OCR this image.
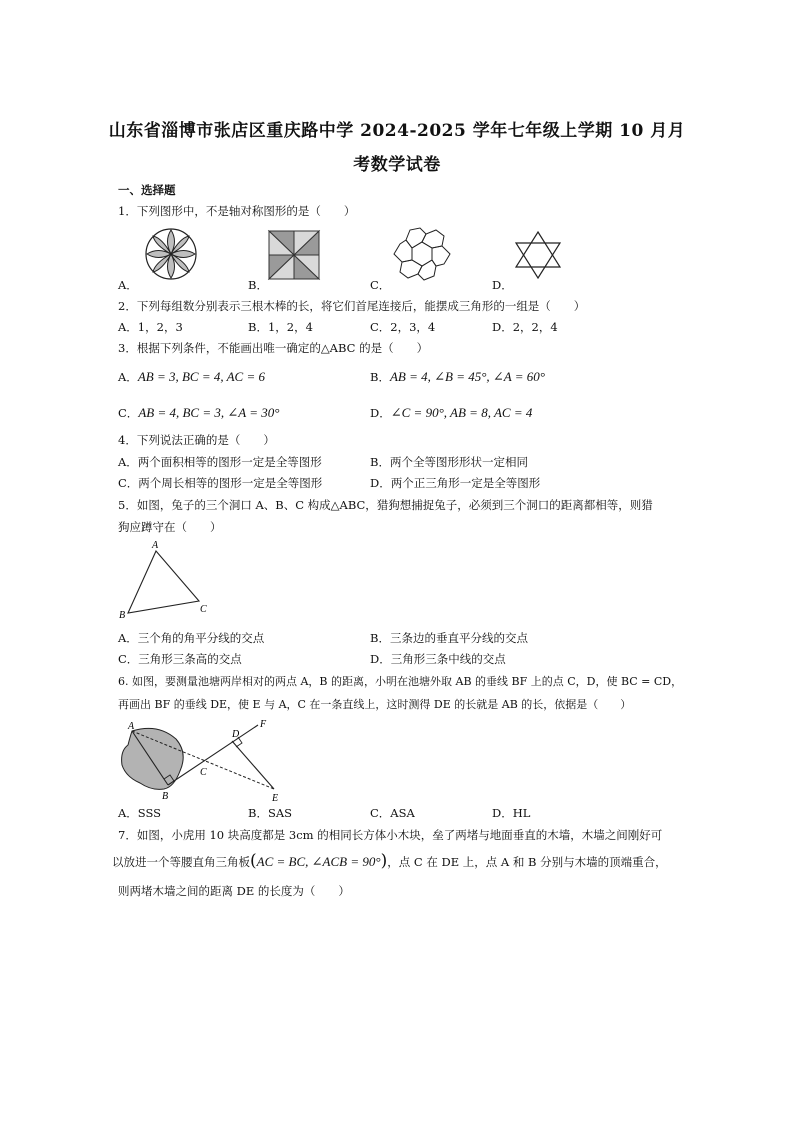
山东省淄博市张店区重庆路中学 2024-2025 学年七年级上学期 10 月月
考数学试卷
一、选择题
1．下列图形中，不是轴对称图形的是（　　）
A．	B．	C．	D．
2．下列每组数分别表示三根木棒的长，将它们首尾连接后，能摆成三角形的一组是（　　）
A．1，2，3	B．1，2，4	C．2，3，4	D．2，2，4
3．根据下列条件，不能画出唯一确定的△ABC 的是（　　）
A．AB = 3, BC = 4, AC = 6	B．AB = 4, ∠B = 45°, ∠A = 60°
C．AB = 4, BC = 3, ∠A = 30°	D．∠C = 90°, AB = 8, AC = 4
4．下列说法正确的是（　　）
A．两个面积相等的图形一定是全等图形	B．两个全等图形形状一定相同
C．两个周长相等的图形一定是全等图形	D．两个正三角形一定是全等图形
5．如图，兔子的三个洞口 A、B、C 构成△ABC，猎狗想捕捉兔子，必须到三个洞口的距离都相等，则猎
狗应蹲守在（　　）
A
B
C
A．三个角的角平分线的交点	B．三条边的垂直平分线的交点
C．三角形三条高的交点	D．三角形三条中线的交点
6. 如图，要测量池塘两岸相对的两点 A，B 的距离，小明在池塘外取 AB 的垂线 BF 上的点 C，D，使 BC = CD，
再画出 BF 的垂线 DE，使 E 与 A，C 在一条直线上，这时测得 DE 的长就是 AB 的长，依据是（　　）
A
B
C
D
E
F
A．SSS	B．SAS	C．ASA	D．HL
7．如图，小虎用 10 块高度都是 3cm 的相同长方体小木块，垒了两堵与地面垂直的木墙，木墙之间刚好可
以放进一个等腰直角三角板(AC = BC, ∠ACB = 90°)，点 C 在 DE 上，点 A 和 B 分别与木墙的顶端重合，
则两堵木墙之间的距离 DE 的长度为（　　）
